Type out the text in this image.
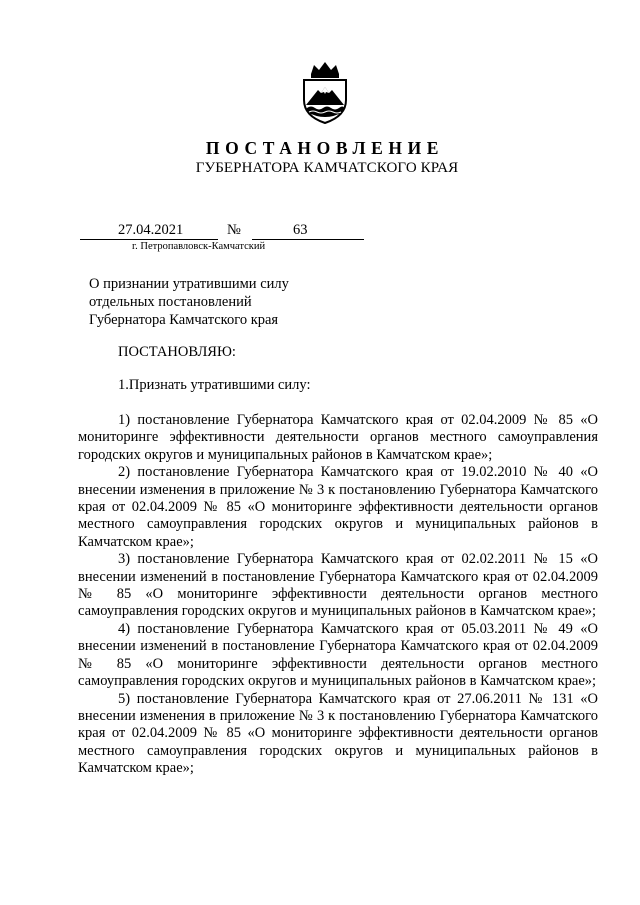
ПОСТАНОВЛЕНИЕ
ГУБЕРНАТОРА КАМЧАТСКОГО КРАЯ
27.04.2021	№	63
г. Петропавловск-Камчатский
О признании утратившими силу
отдельных постановлений
Губернатора Камчатского края
ПОСТАНОВЛЯЮ:
1.Признать утратившими силу:

1) постановление Губернатора Камчатского края от 02.04.2009 № 85 «О мониторинге эффективности деятельности органов местного самоуправления городских округов и муниципальных районов в Камчатском крае»;

2) постановление Губернатора Камчатского края от 19.02.2010 № 40 «О внесении изменения в приложение № 3 к постановлению Губернатора Камчатского края от 02.04.2009 № 85 «О мониторинге эффективности деятельности органов местного самоуправления городских округов и муниципальных районов в Камчатском крае»;

3) постановление Губернатора Камчатского края от 02.02.2011 № 15 «О внесении изменений в постановление Губернатора Камчатского края от 02.04.2009 № 85 «О мониторинге эффективности деятельности органов местного самоуправления городских округов и муниципальных районов в Камчатском крае»;

4) постановление Губернатора Камчатского края от 05.03.2011 № 49 «О внесении изменений в постановление Губернатора Камчатского края от 02.04.2009 № 85 «О мониторинге эффективности деятельности органов местного самоуправления городских округов и муниципальных районов в Камчатском крае»;

5) постановление Губернатора Камчатского края от 27.06.2011 № 131 «О внесении изменения в приложение № 3 к постановлению Губернатора Камчатского края от 02.04.2009 № 85 «О мониторинге эффективности деятельности органов местного самоуправления городских округов и муниципальных районов в Камчатском крае»;
